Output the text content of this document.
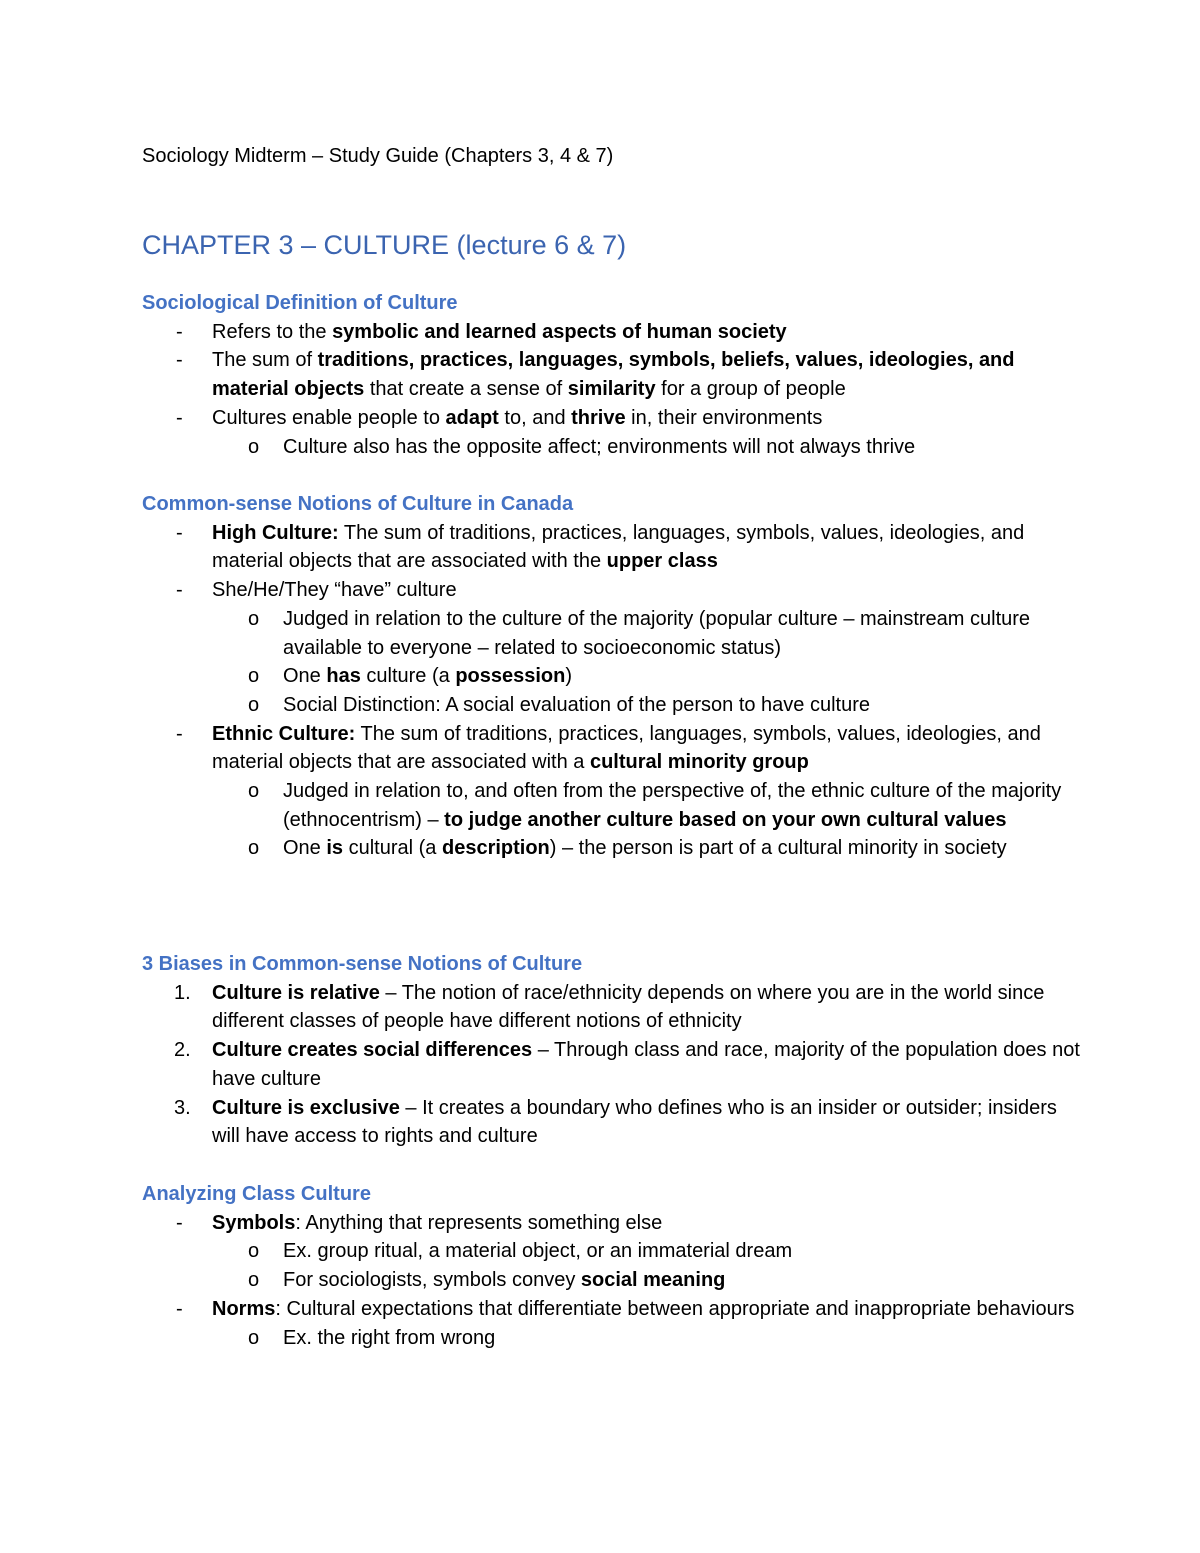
Sociology Midterm – Study Guide (Chapters 3, 4 & 7)
CHAPTER 3 – CULTURE (lecture 6 & 7)
Sociological Definition of Culture
- Refers to the symbolic and learned aspects of human society
- The sum of traditions, practices, languages, symbols, beliefs, values, ideologies, and material objects that create a sense of similarity for a group of people
- Cultures enable people to adapt to, and thrive in, their environments
o Culture also has the opposite affect; environments will not always thrive
Common-sense Notions of Culture in Canada
- High Culture: The sum of traditions, practices, languages, symbols, values, ideologies, and material objects that are associated with the upper class
- She/He/They “have” culture
o Judged in relation to the culture of the majority (popular culture – mainstream culture available to everyone – related to socioeconomic status)
o One has culture (a possession)
o Social Distinction: A social evaluation of the person to have culture
- Ethnic Culture: The sum of traditions, practices, languages, symbols, values, ideologies, and material objects that are associated with a cultural minority group
o Judged in relation to, and often from the perspective of, the ethnic culture of the majority (ethnocentrism) – to judge another culture based on your own cultural values
o One is cultural (a description) – the person is part of a cultural minority in society
3 Biases in Common-sense Notions of Culture
1. Culture is relative – The notion of race/ethnicity depends on where you are in the world since different classes of people have different notions of ethnicity
2. Culture creates social differences – Through class and race, majority of the population does not have culture
3. Culture is exclusive – It creates a boundary who defines who is an insider or outsider; insiders will have access to rights and culture
Analyzing Class Culture
- Symbols: Anything that represents something else
o Ex. group ritual, a material object, or an immaterial dream
o For sociologists, symbols convey social meaning
- Norms: Cultural expectations that differentiate between appropriate and inappropriate behaviours
o Ex. the right from wrong
